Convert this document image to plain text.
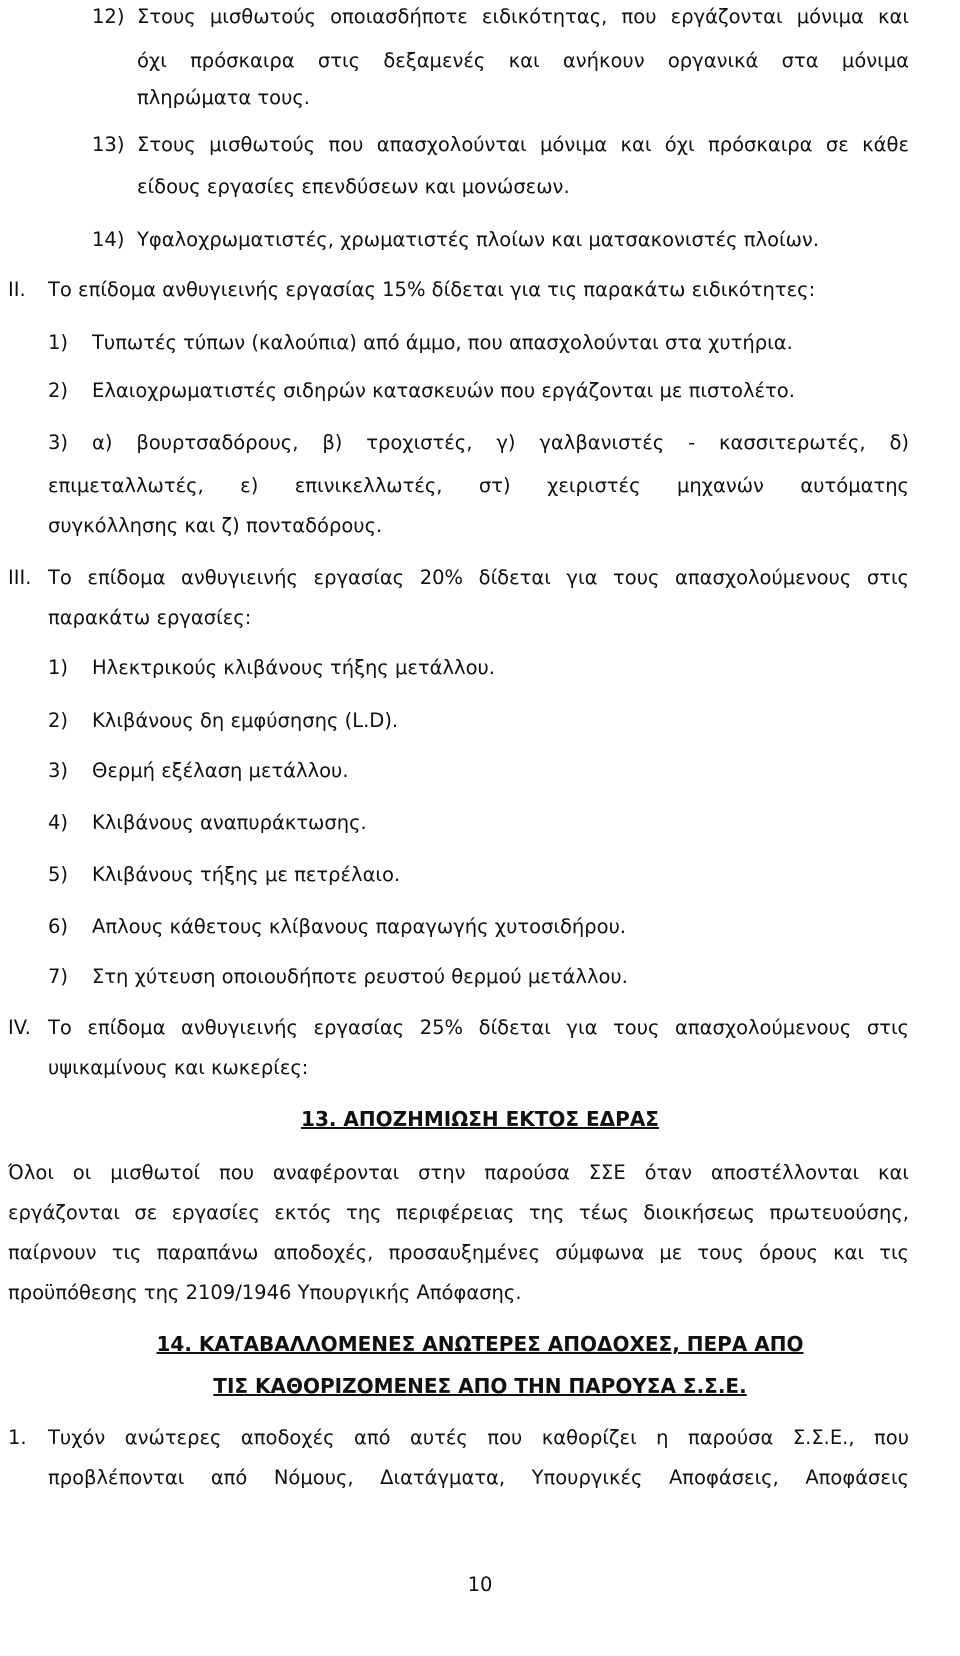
12) Στους μισθωτούς οποιασδήποτε ειδικότητας, που εργάζονται μόνιμα και
όχι πρόσκαιρα στις δεξαμενές και ανήκουν οργανικά στα μόνιμα
πληρώματα τους.
13) Στους μισθωτούς που απασχολούνται μόνιμα και όχι πρόσκαιρα σε κάθε
είδους εργασίες επενδύσεων και μονώσεων.
14) Υφαλοχρωματιστές, χρωματιστές πλοίων και ματσακονιστές πλοίων.
II. Το επίδομα ανθυγιεινής εργασίας 15% δίδεται για τις παρακάτω ειδικότητες:
1) Τυπωτές τύπων (καλούπια) από άμμο, που απασχολούνται στα χυτήρια.
2) Ελαιοχρωματιστές σιδηρών κατασκευών που εργάζονται με πιστολέτο.
3) α) βουρτσαδόρους, β) τροχιστές, γ) γαλβανιστές - κασσιτερωτές, δ)
επιμεταλλωτές, ε) επινικελλωτές, στ) χειριστές μηχανών αυτόματης
συγκόλλησης και ζ) πονταδόρους.
III. Το επίδομα ανθυγιεινής εργασίας 20% δίδεται για τους απασχολούμενους στις
παρακάτω εργασίες:
1) Ηλεκτρικούς κλιβάνους τήξης μετάλλου.
2) Κλιβάνους δη εμφύσησης (L.D).
3) Θερμή εξέλαση μετάλλου.
4) Κλιβάνους αναπυράκτωσης.
5) Κλιβάνους τήξης με πετρέλαιο.
6) Απλους κάθετους κλίβανους παραγωγής χυτοσιδήρου.
7) Στη χύτευση οποιουδήποτε ρευστού θερμού μετάλλου.
IV. Το επίδομα ανθυγιεινής εργασίας 25% δίδεται για τους απασχολούμενους στις
υψικαμίνους και κωκερίες:
13. ΑΠΟΖΗΜΙΩΣΗ ΕΚΤΟΣ ΕΔΡΑΣ
Όλοι οι μισθωτοί που αναφέρονται στην παρούσα ΣΣΕ όταν αποστέλλονται και
εργάζονται σε εργασίες εκτός της περιφέρειας της τέως διοικήσεως πρωτευούσης,
παίρνουν τις παραπάνω αποδοχές, προσαυξημένες σύμφωνα με τους όρους και τις
προϋπόθεσης της 2109/1946 Υπουργικής Απόφασης.
14. ΚΑΤΑΒΑΛΛΟΜΕΝΕΣ ΑΝΩΤΕΡΕΣ ΑΠΟΔΟΧΕΣ, ΠΕΡΑ ΑΠΟ
ΤΙΣ ΚΑΘΟΡΙΖΟΜΕΝΕΣ ΑΠΟ ΤΗΝ ΠΑΡΟΥΣΑ Σ.Σ.Ε.
1. Τυχόν ανώτερες αποδοχές από αυτές που καθορίζει η παρούσα Σ.Σ.Ε., που
προβλέπονται από Νόμους, Διατάγματα, Υπουργικές Αποφάσεις, Αποφάσεις
10
